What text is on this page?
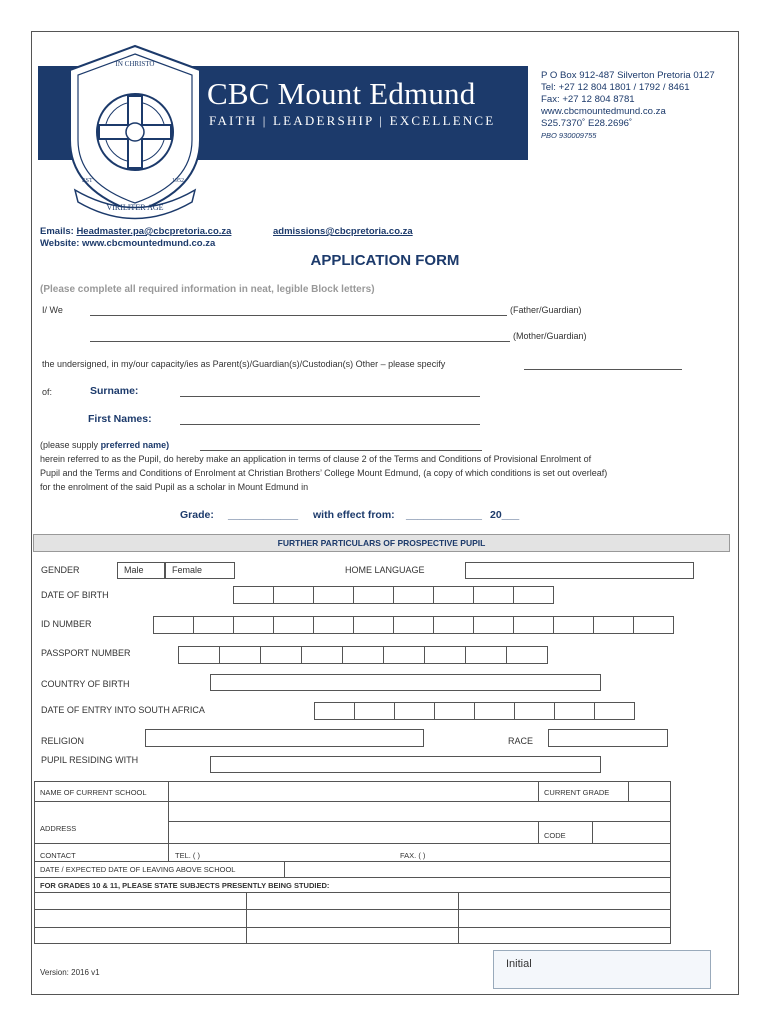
IN CHRISTO
VIRILITER AGE
EST	1952
CBC Mount Edmund
FAITH | LEADERSHIP | EXCELLENCE
P O Box 912-487 Silverton Pretoria 0127
Tel: +27 12 804 1801 / 1792 / 8461
Fax: +27 12 804 8781
www.cbcmountedmund.co.za
S25.7370˚ E28.2696˚
PBO 930009755
Emails: Headmaster.pa@cbcpretoria.co.za	admissions@cbcpretoria.co.za
Website: www.cbcmountedmund.co.za
APPLICATION FORM
(Please complete all required information in neat, legible Block letters)
I/ We	(Father/Guardian)
(Mother/Guardian)
the undersigned, in my/our capacity/ies as Parent(s)/Guardian(s)/Custodian(s) Other – please specify
of:	Surname:
First Names:
(please supply preferred name)
herein referred to as the Pupil, do hereby make an application in terms of clause 2 of the Terms and Conditions of Provisional Enrolment of
Pupil and the Terms and Conditions of Enrolment at Christian Brothers’ College Mount Edmund, (a copy of which conditions is set out overleaf)
for the enrolment of the said Pupil as a scholar in Mount Edmund in
Grade: ____________ with effect from: _____________ 20___
FURTHER PARTICULARS OF PROSPECTIVE PUPIL
GENDER	Male	Female	HOME LANGUAGE
DATE OF BIRTH
ID NUMBER
PASSPORT NUMBER
COUNTRY OF BIRTH
DATE OF ENTRY INTO SOUTH AFRICA
RELIGION	RACE
PUPIL RESIDING WITH
NAME OF CURRENT SCHOOL	CURRENT GRADE
ADDRESS
CODE
CONTACT	TEL. ( )	FAX. ( )
DATE / EXPECTED DATE OF LEAVING ABOVE SCHOOL
FOR GRADES 10 & 11, PLEASE STATE SUBJECTS PRESENTLY BEING STUDIED:
Version: 2016 v1
Initial
